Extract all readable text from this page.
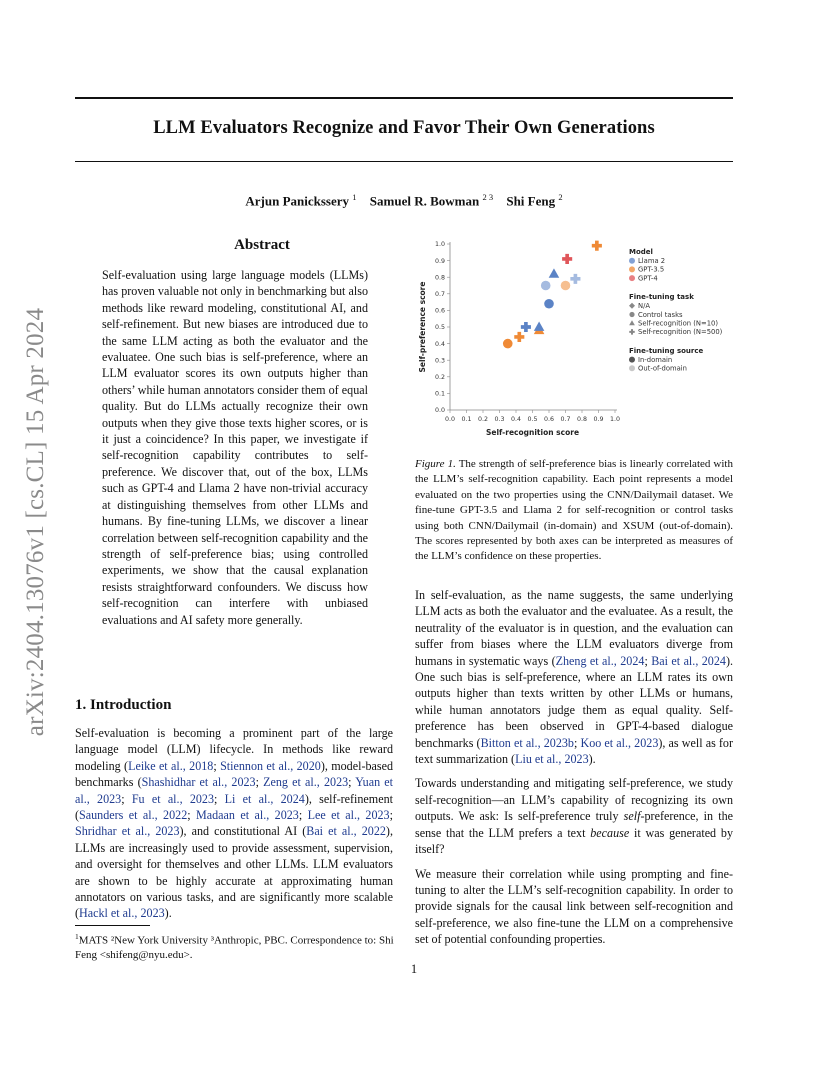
arXiv:2404.13076v1 [cs.CL] 15 Apr 2024
LLM Evaluators Recognize and Favor Their Own Generations
Arjun Panickssery $^1$ Samuel R. Bowman $^{2 3}$ Shi Feng $^2$
Abstract
Self-evaluation using large language models (LLMs) has proven valuable not only in benchmarking but also methods like reward modeling, constitutional AI, and self-refinement. But new biases are introduced due to the same LLM acting as both the evaluator and the evaluatee. One such bias is self-preference, where an LLM evaluator scores its own outputs higher than others’ while human annotators consider them of equal quality. But do LLMs actually recognize their own outputs when they give those texts higher scores, or is it just a coincidence? In this paper, we investigate if self-recognition capability contributes to self-preference. We discover that, out of the box, LLMs such as GPT-4 and Llama 2 have non-trivial accuracy at distinguishing themselves from other LLMs and humans. By fine-tuning LLMs, we discover a linear correlation between self-recognition capability and the strength of self-preference bias; using controlled experiments, we show that the causal explanation resists straightforward confounders. We discuss how self-recognition can interfere with unbiased evaluations and AI safety more generally.
1. Introduction

Self-evaluation is becoming a prominent part of the large language model (LLM) lifecycle. In methods like reward modeling (Leike et al., 2018; Stiennon et al., 2020), model-based benchmarks (Shashidhar et al., 2023; Zeng et al., 2023; Yuan et al., 2023; Fu et al., 2023; Li et al., 2024), self-refinement (Saunders et al., 2022; Madaan et al., 2023; Lee et al., 2023; Shridhar et al., 2023), and constitutional AI (Bai et al., 2022), LLMs are increasingly used to provide assessment, supervision, and oversight for themselves and other LLMs. LLM evaluators are shown to be highly accurate at approximating human annotators on various tasks, and are significantly more scalable (Hackl et al., 2023).

$^1$MATS ²New York University ³Anthropic, PBC. Correspondence to: Shi Feng <shifeng@nyu.edu>.
0.0 0.1 0.2 0.3 0.4 0.5 0.6 0.7 0.8 0.9 1.0
0.0
0.1
0.2
0.3
0.4
0.5
0.6
0.7
0.8
0.9
1.0
Self-recognition score
Self-preference score
Model
Llama 2
GPT-3.5
GPT-4
Fine-tuning task
N/A
Control tasks
Self-recognition (N=10)
Self-recognition (N=500)
Fine-tuning source
In-domain
Out-of-domain
Figure 1. The strength of self-preference bias is linearly correlated with the LLM’s self-recognition capability. Each point represents a model evaluated on the two properties using the CNN/Dailymail dataset. We fine-tune GPT-3.5 and Llama 2 for self-recognition or control tasks using both CNN/Dailymail (in-domain) and XSUM (out-of-domain). The scores represented by both axes can be interpreted as measures of the LLM’s confidence on these properties.

In self-evaluation, as the name suggests, the same underlying LLM acts as both the evaluator and the evaluatee. As a result, the neutrality of the evaluator is in question, and the evaluation can suffer from biases where the LLM evaluators diverge from humans in systematic ways (Zheng et al., 2024; Bai et al., 2024). One such bias is self-preference, where an LLM rates its own outputs higher than texts written by other LLMs or humans, while human annotators judge them as equal quality. Self-preference has been observed in GPT-4-based dialogue benchmarks (Bitton et al., 2023b; Koo et al., 2023), as well as for text summarization (Liu et al., 2023).

Towards understanding and mitigating self-preference, we study self-recognition—an LLM’s capability of recognizing its own outputs. We ask: Is self-preference truly self-preference, in the sense that the LLM prefers a text because it was generated by itself?

We measure their correlation while using prompting and fine-tuning to alter the LLM’s self-recognition capability. In order to provide signals for the causal link between self-recognition and self-preference, we also fine-tune the LLM on a comprehensive set of potential confounding properties.

1
